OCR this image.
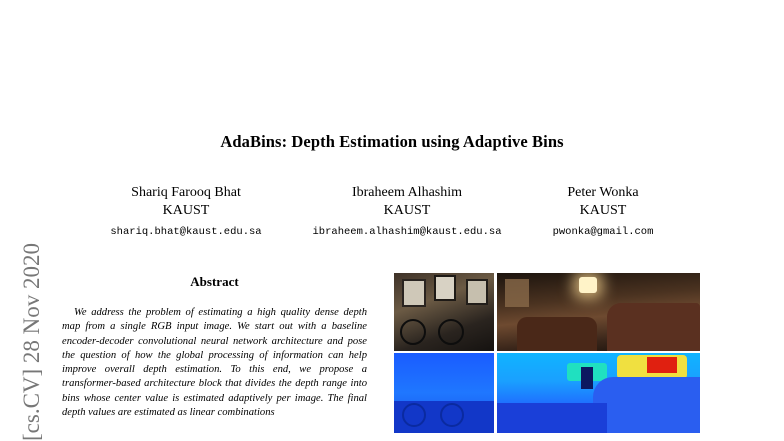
[cs.CV] 28 Nov 2020
AdaBins: Depth Estimation using Adaptive Bins
Shariq Farooq Bhat
KAUST
shariq.bhat@kaust.edu.sa
Ibraheem Alhashim
KAUST
ibraheem.alhashim@kaust.edu.sa
Peter Wonka
KAUST
pwonka@gmail.com
Abstract
We address the problem of estimating a high quality dense depth map from a single RGB input image. We start out with a baseline encoder-decoder convolutional neural network architecture and pose the question of how the global processing of information can help improve overall depth estimation. To this end, we propose a transformer-based architecture block that divides the depth range into bins whose center value is estimated adaptively per image. The final depth values are estimated as linear combinations
